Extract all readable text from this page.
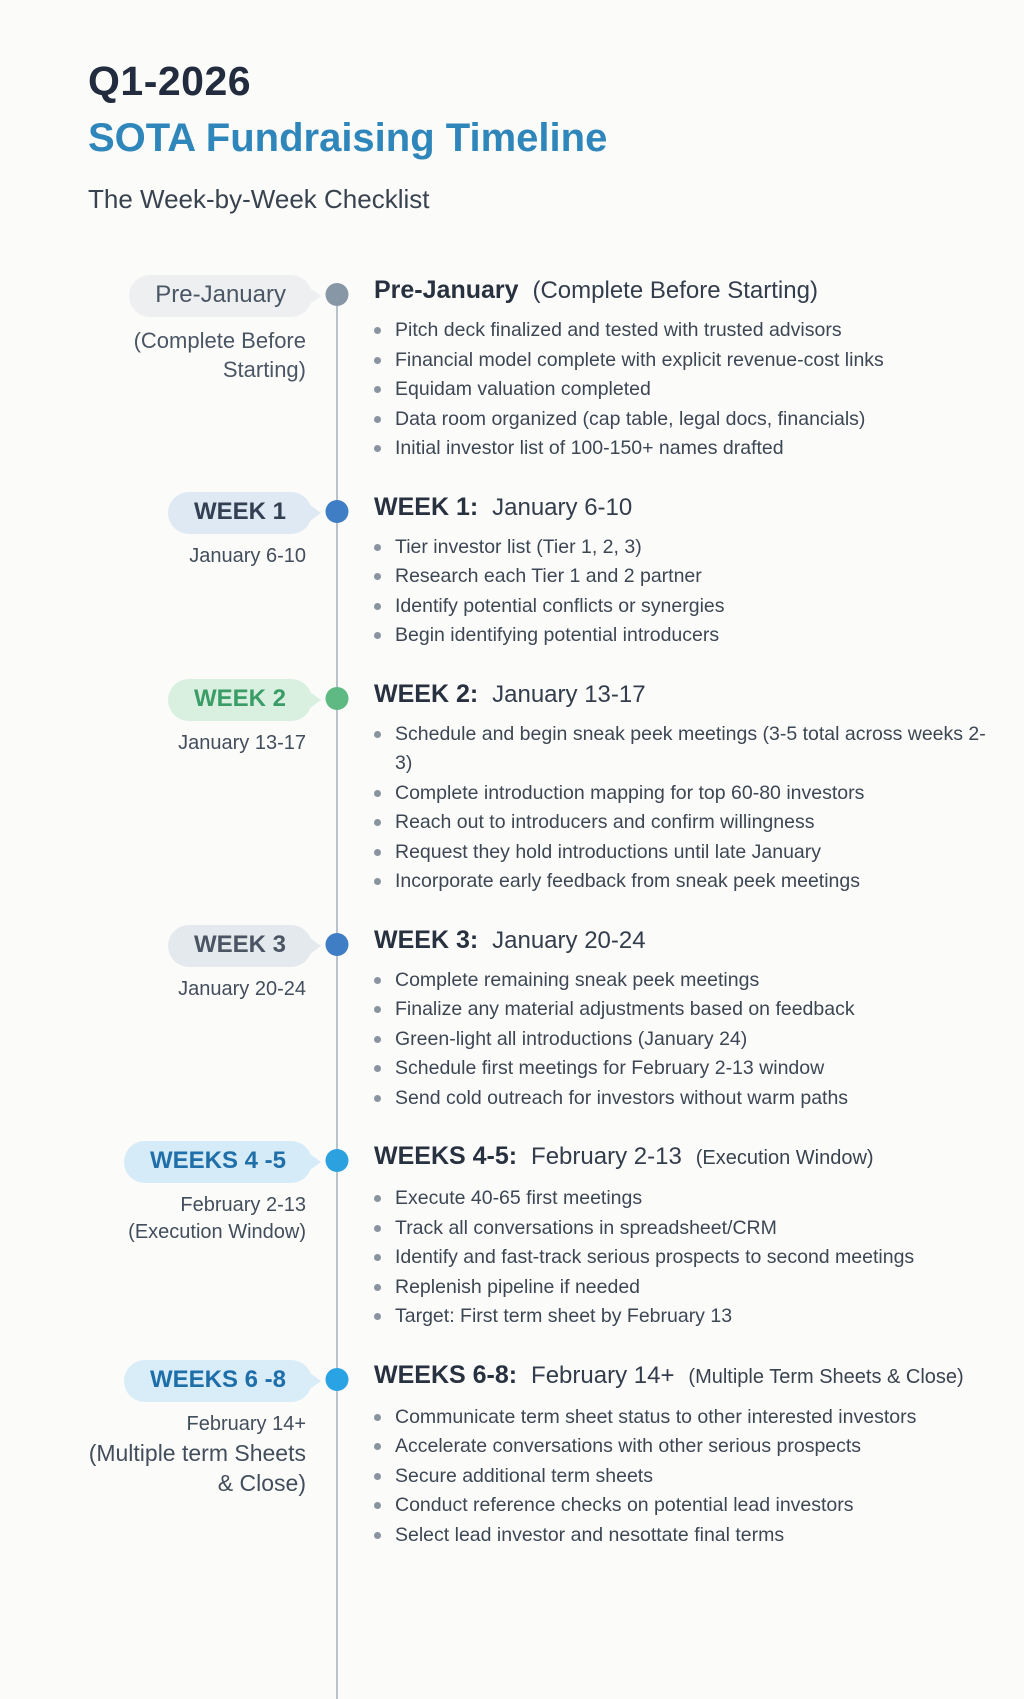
Q1-2026
SOTA Fundraising Timeline
The Week-by-Week Checklist
Pre-January
(Complete Before Starting)
Pre-January (Complete Before Starting)
Pitch deck finalized and tested with trusted advisors
Financial model complete with explicit revenue-cost links
Equidam valuation completed
Data room organized (cap table, legal docs, financials)
Initial investor list of 100-150+ names drafted
WEEK 1
January 6-10
WEEK 1: January 6-10
Tier investor list (Tier 1, 2, 3)
Research each Tier 1 and 2 partner
Identify potential conflicts or synergies
Begin identifying potential introducers
WEEK 2
January 13-17
WEEK 2: January 13-17
Schedule and begin sneak peek meetings (3-5 total across weeks 2-3)
Complete introduction mapping for top 60-80 investors
Reach out to introducers and confirm willingness
Request they hold introductions until late January
Incorporate early feedback from sneak peek meetings
WEEK 3
January 20-24
WEEK 3: January 20-24
Complete remaining sneak peek meetings
Finalize any material adjustments based on feedback
Green-light all introductions (January 24)
Schedule first meetings for February 2-13 window
Send cold outreach for investors without warm paths
WEEKS 4 -5
February 2-13
(Execution Window)
WEEKS 4-5: February 2-13 (Execution Window)
Execute 40-65 first meetings
Track all conversations in spreadsheet/CRM
Identify and fast-track serious prospects to second meetings
Replenish pipeline if needed
Target: First term sheet by February 13
WEEKS 6 -8
February 14+
(Multiple term Sheets & Close)
WEEKS 6-8: February 14+ (Multiple Term Sheets & Close)
Communicate term sheet status to other interested investors
Accelerate conversations with other serious prospects
Secure additional term sheets
Conduct reference checks on potential lead investors
Select lead investor and nesottate final terms
